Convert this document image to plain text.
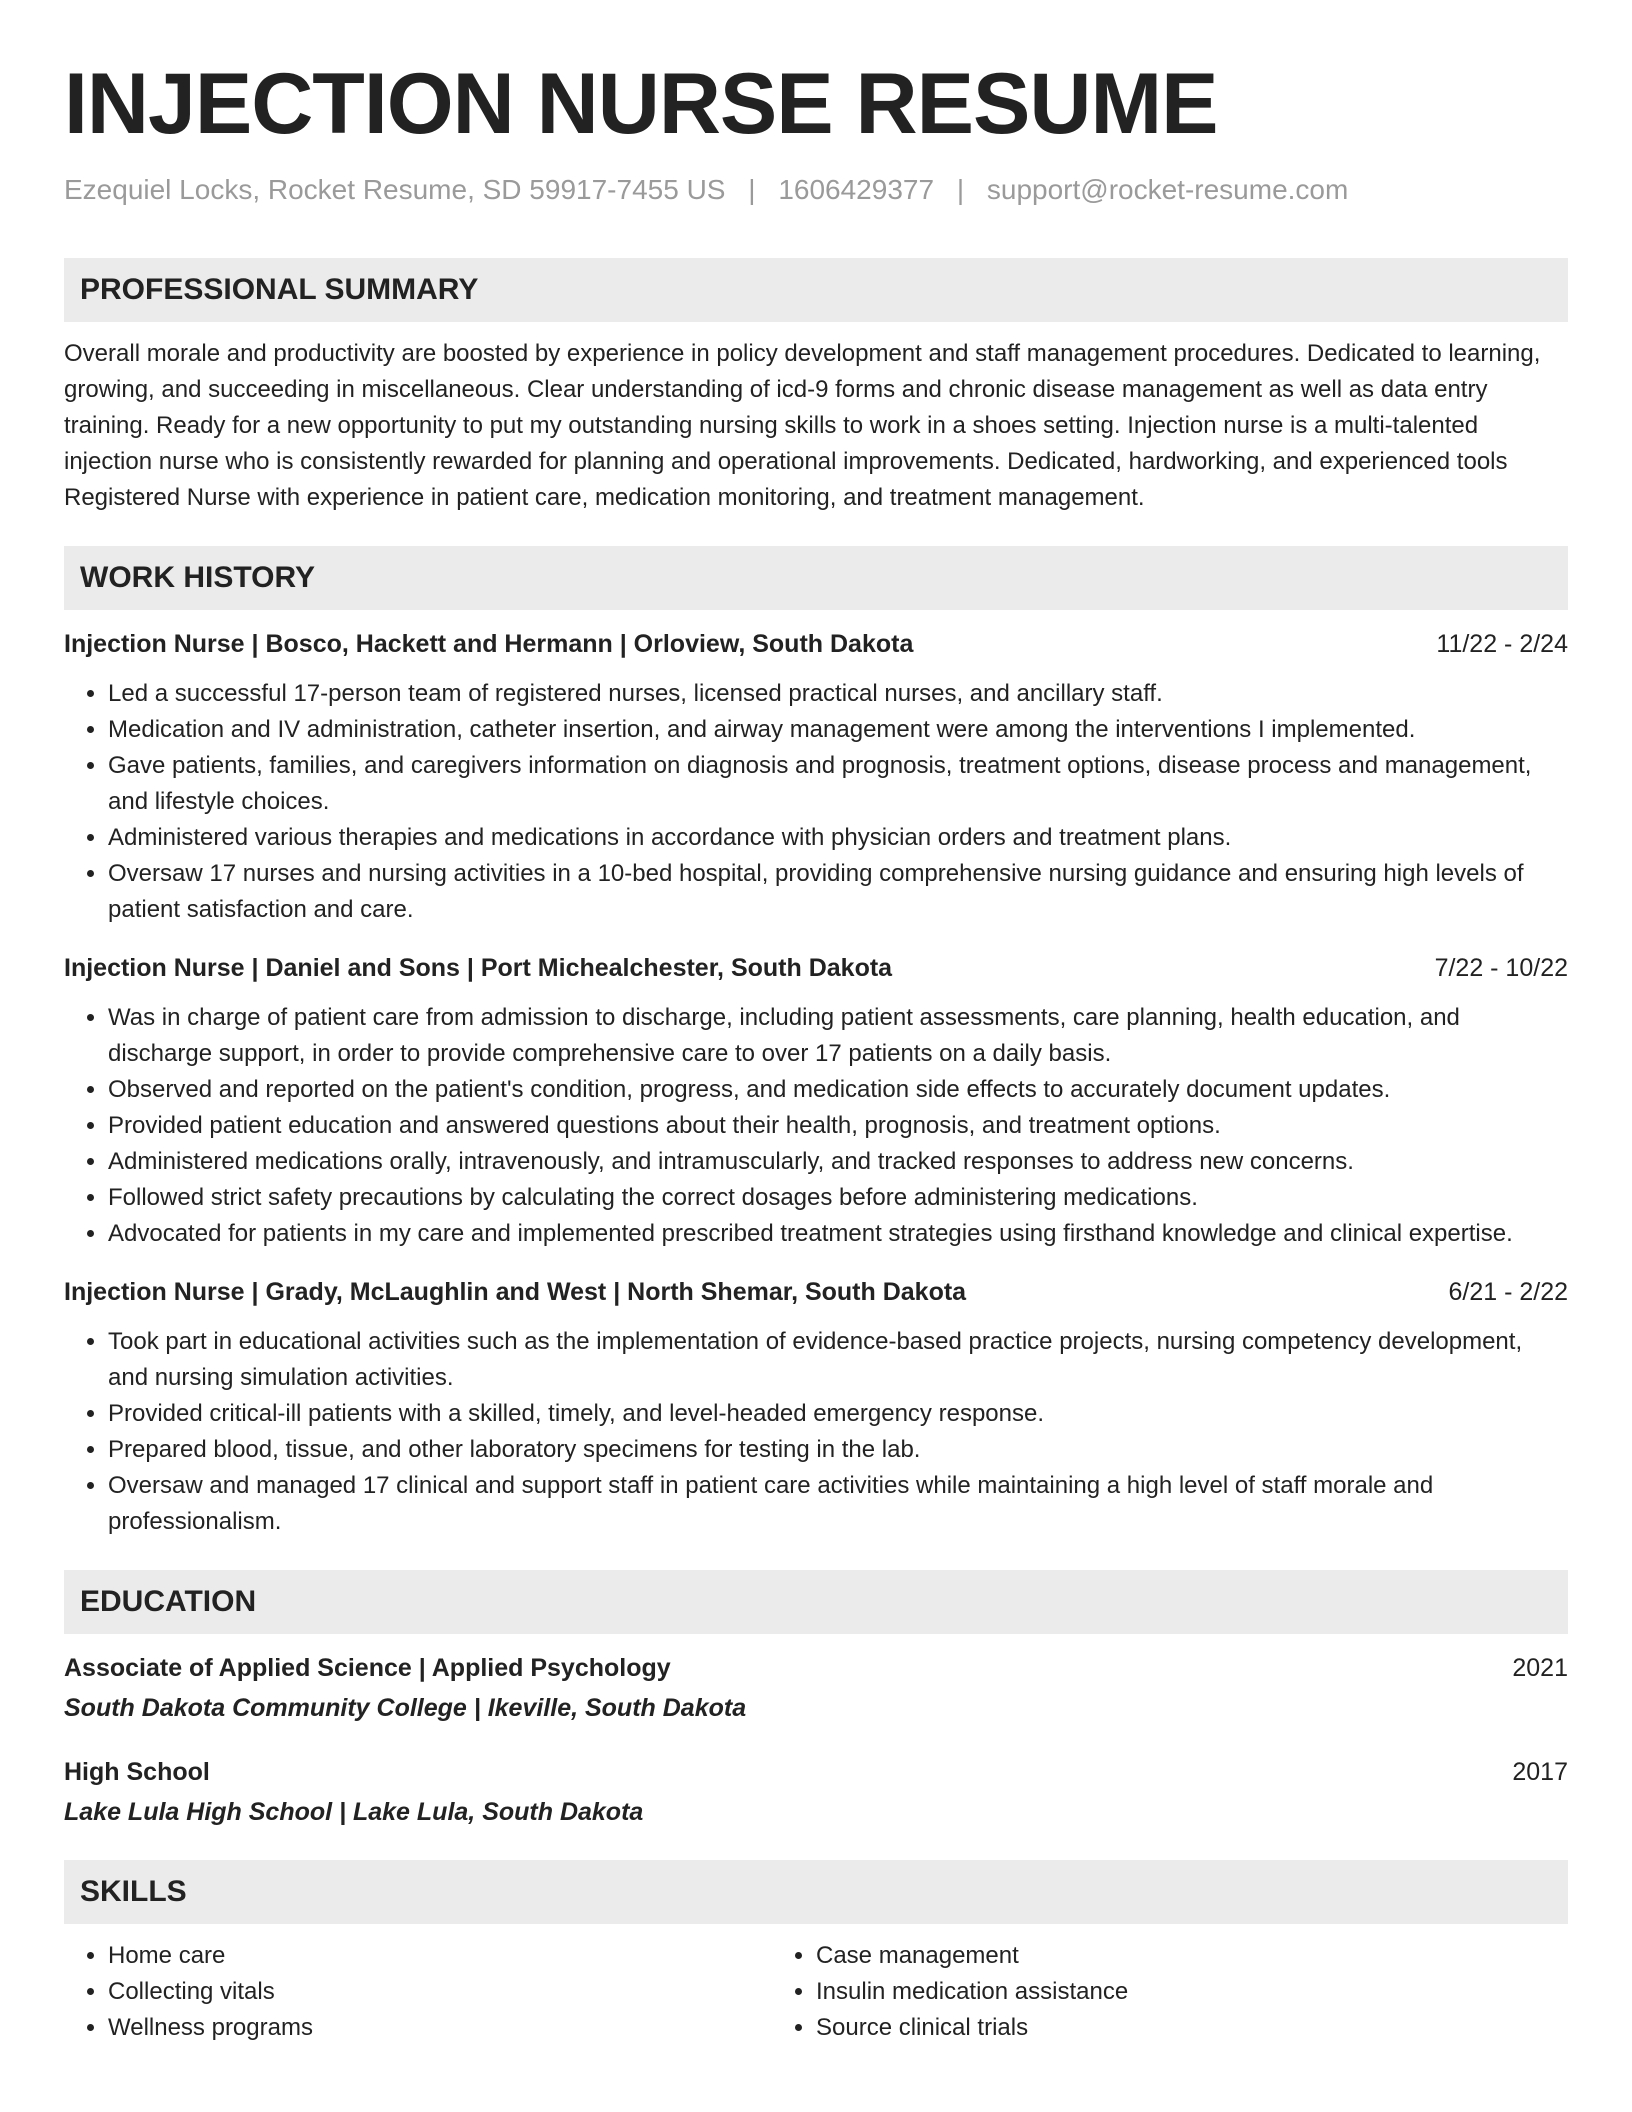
INJECTION NURSE RESUME
Ezequiel Locks, Rocket Resume, SD 59917-7455 US | 1606429377 | support@rocket-resume.com
PROFESSIONAL SUMMARY

Overall morale and productivity are boosted by experience in policy development and staff management procedures. Dedicated to learning, growing, and succeeding in miscellaneous. Clear understanding of icd-9 forms and chronic disease management as well as data entry training. Ready for a new opportunity to put my outstanding nursing skills to work in a shoes setting. Injection nurse is a multi-talented injection nurse who is consistently rewarded for planning and operational improvements. Dedicated, hardworking, and experienced tools Registered Nurse with experience in patient care, medication monitoring, and treatment management.

WORK HISTORY
Injection Nurse | Bosco, Hackett and Hermann | Orloview, South Dakota	11/22 - 2/24
• Led a successful 17-person team of registered nurses, licensed practical nurses, and ancillary staff.
• Medication and IV administration, catheter insertion, and airway management were among the interventions I implemented.
• Gave patients, families, and caregivers information on diagnosis and prognosis, treatment options, disease process and management, and lifestyle choices.
• Administered various therapies and medications in accordance with physician orders and treatment plans.
• Oversaw 17 nurses and nursing activities in a 10-bed hospital, providing comprehensive nursing guidance and ensuring high levels of patient satisfaction and care.
Injection Nurse | Daniel and Sons | Port Michealchester, South Dakota	7/22 - 10/22
• Was in charge of patient care from admission to discharge, including patient assessments, care planning, health education, and discharge support, in order to provide comprehensive care to over 17 patients on a daily basis.
• Observed and reported on the patient's condition, progress, and medication side effects to accurately document updates.
• Provided patient education and answered questions about their health, prognosis, and treatment options.
• Administered medications orally, intravenously, and intramuscularly, and tracked responses to address new concerns.
• Followed strict safety precautions by calculating the correct dosages before administering medications.
• Advocated for patients in my care and implemented prescribed treatment strategies using firsthand knowledge and clinical expertise.
Injection Nurse | Grady, McLaughlin and West | North Shemar, South Dakota	6/21 - 2/22
• Took part in educational activities such as the implementation of evidence-based practice projects, nursing competency development, and nursing simulation activities.
• Provided critical-ill patients with a skilled, timely, and level-headed emergency response.
• Prepared blood, tissue, and other laboratory specimens for testing in the lab.
• Oversaw and managed 17 clinical and support staff in patient care activities while maintaining a high level of staff morale and professionalism.
EDUCATION
Associate of Applied Science | Applied Psychology	2021
South Dakota Community College | Ikeville, South Dakota
High School	2017
Lake Lula High School | Lake Lula, South Dakota
SKILLS
• Home care
• Collecting vitals
• Wellness programs
• Case management
• Insulin medication assistance
• Source clinical trials
